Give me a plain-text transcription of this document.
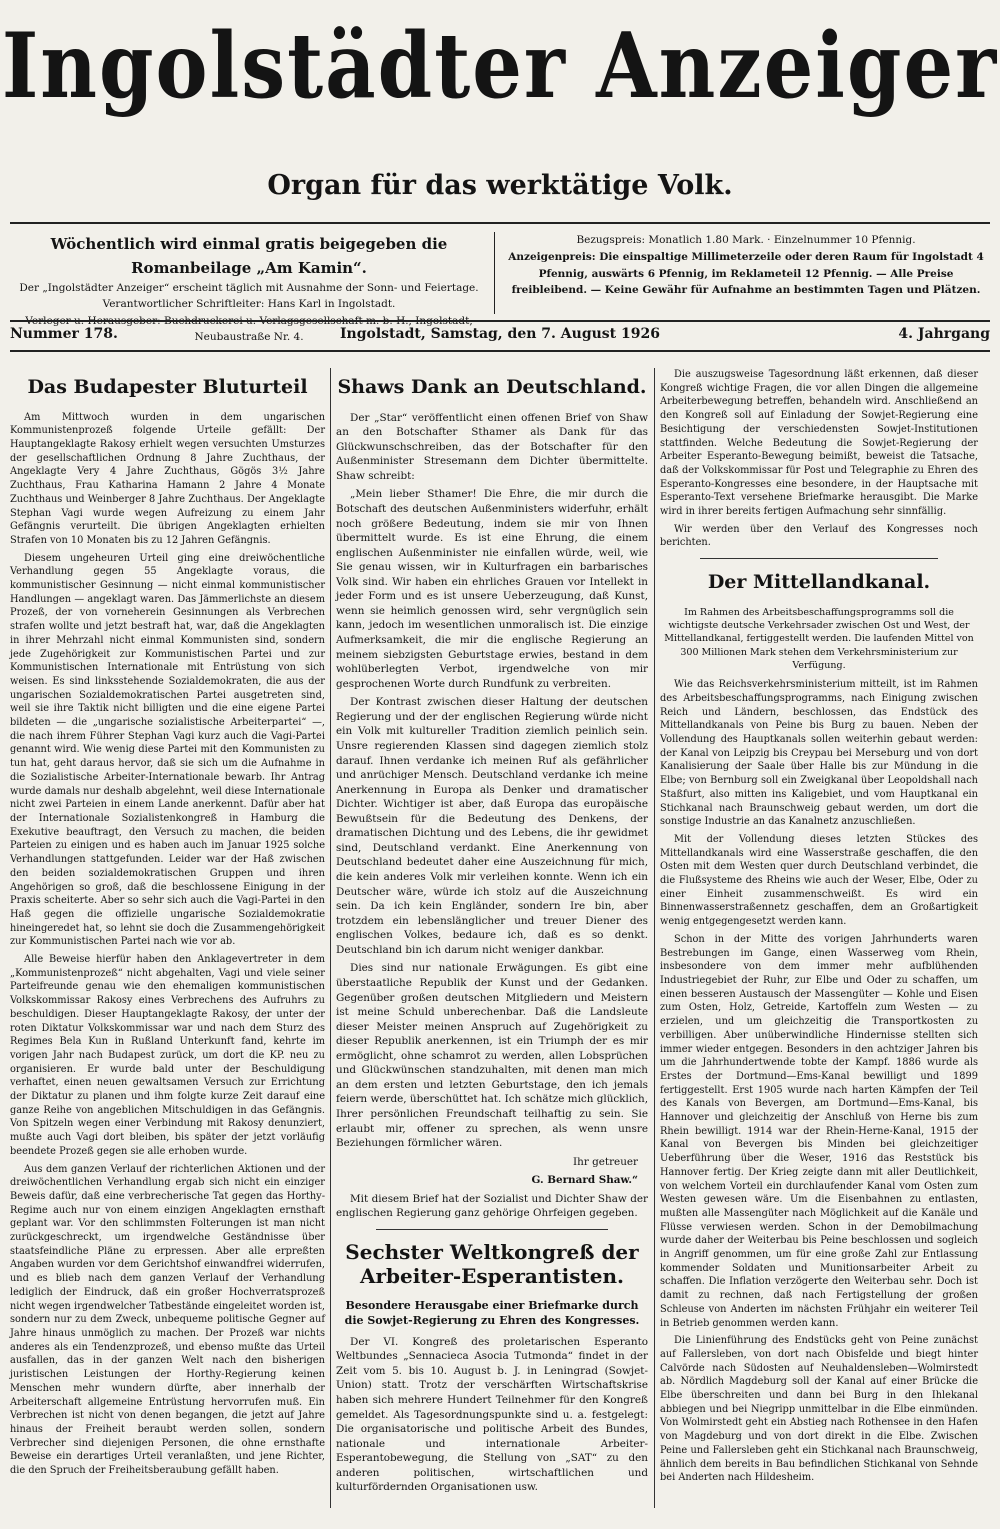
Ingolstädter Anzeiger
Organ für das werktätige Volk.
Wöchentlich wird einmal gratis beigegeben die Romanbeilage „Am Kamin“.
Der „Ingolstädter Anzeiger“ erscheint täglich mit Ausnahme der Sonn- und Feiertage.
Verantwortlicher Schriftleiter: Hans Karl in Ingolstadt.
Verleger u. Herausgeber: Buchdruckerei u. Verlagsgesellschaft m. b. H., Ingolstadt, Neubaustraße Nr. 4.
Bezugspreis: Monatlich 1.80 Mark. · Einzelnummer 10 Pfennig.
Anzeigenpreis: Die einspaltige Millimeterzeile oder deren Raum für Ingolstadt 4 Pfennig, auswärts 6 Pfennig, im Reklameteil 12 Pfennig. — Alle Preise freibleibend. — Keine Gewähr für Aufnahme an bestimmten Tagen und Plätzen.
Nummer 178.	Ingolstadt, Samstag, den 7. August 1926	4. Jahrgang
Das Budapester Bluturteil

Am Mittwoch wurden in dem ungarischen Kommunistenprozeß folgende Urteile gefällt: Der Hauptangeklagte Rakosy erhielt wegen versuchten Umsturzes der gesellschaftlichen Ordnung 8 Jahre Zuchthaus, der Angeklagte Very 4 Jahre Zuchthaus, Gögös 3½ Jahre Zuchthaus, Frau Katharina Hamann 2 Jahre 4 Monate Zuchthaus und Weinberger 8 Jahre Zuchthaus. Der Angeklagte Stephan Vagi wurde wegen Aufreizung zu einem Jahr Gefängnis verurteilt. Die übrigen Angeklagten erhielten Strafen von 10 Monaten bis zu 12 Jahren Gefängnis.

Diesem ungeheuren Urteil ging eine dreiwöchentliche Verhandlung gegen 55 Angeklagte voraus, die kommunistischer Gesinnung — nicht einmal kommunistischer Handlungen — angeklagt waren. Das Jämmerlichste an diesem Prozeß, der von vorneherein Gesinnungen als Verbrechen strafen wollte und jetzt bestraft hat, war, daß die Angeklagten in ihrer Mehrzahl nicht einmal Kommunisten sind, sondern jede Zugehörigkeit zur Kommunistischen Partei und zur Kommunistischen Internationale mit Entrüstung von sich weisen. Es sind linksstehende Sozialdemokraten, die aus der ungarischen Sozialdemokratischen Partei ausgetreten sind, weil sie ihre Taktik nicht billigten und die eine eigene Partei bildeten — die „ungarische sozialistische Arbeiterpartei“ —, die nach ihrem Führer Stephan Vagi kurz auch die Vagi-Partei genannt wird. Wie wenig diese Partei mit den Kommunisten zu tun hat, geht daraus hervor, daß sie sich um die Aufnahme in die Sozialistische Arbeiter-Internationale bewarb. Ihr Antrag wurde damals nur deshalb abgelehnt, weil diese Internationale nicht zwei Parteien in einem Lande anerkennt. Dafür aber hat der Internationale Sozialistenkongreß in Hamburg die Exekutive beauftragt, den Versuch zu machen, die beiden Parteien zu einigen und es haben auch im Januar 1925 solche Verhandlungen stattgefunden. Leider war der Haß zwischen den beiden sozialdemokratischen Gruppen und ihren Angehörigen so groß, daß die beschlossene Einigung in der Praxis scheiterte. Aber so sehr sich auch die Vagi-Partei in den Haß gegen die offizielle ungarische Sozialdemokratie hineingeredet hat, so lehnt sie doch die Zusammengehörigkeit zur Kommunistischen Partei nach wie vor ab.

Alle Beweise hierfür haben den Anklagevertreter in dem „Kommunistenprozeß“ nicht abgehalten, Vagi und viele seiner Parteifreunde genau wie den ehemaligen kommunistischen Volkskommissar Rakosy eines Verbrechens des Aufruhrs zu beschuldigen. Dieser Hauptangeklagte Rakosy, der unter der roten Diktatur Volkskommissar war und nach dem Sturz des Regimes Bela Kun in Rußland Unterkunft fand, kehrte im vorigen Jahr nach Budapest zurück, um dort die KP. neu zu organisieren. Er wurde bald unter der Beschuldigung verhaftet, einen neuen gewaltsamen Versuch zur Errichtung der Diktatur zu planen und ihm folgte kurze Zeit darauf eine ganze Reihe von angeblichen Mitschuldigen in das Gefängnis. Von Spitzeln wegen einer Verbindung mit Rakosy denunziert, mußte auch Vagi dort bleiben, bis später der jetzt vorläufig beendete Prozeß gegen sie alle erhoben wurde.

Aus dem ganzen Verlauf der richterlichen Aktionen und der dreiwöchentlichen Verhandlung ergab sich nicht ein einziger Beweis dafür, daß eine verbrecherische Tat gegen das Horthy-Regime auch nur von einem einzigen Angeklagten ernsthaft geplant war. Vor den schlimmsten Folterungen ist man nicht zurückgeschreckt, um irgendwelche Geständnisse über staatsfeindliche Pläne zu erpressen. Aber alle erpreßten Angaben wurden vor dem Gerichtshof einwandfrei widerrufen, und es blieb nach dem ganzen Verlauf der Verhandlung lediglich der Eindruck, daß ein großer Hochverratsprozeß nicht wegen irgendwelcher Tatbestände eingeleitet worden ist, sondern nur zu dem Zweck, unbequeme politische Gegner auf Jahre hinaus unmöglich zu machen. Der Prozeß war nichts anderes als ein Tendenzprozeß, und ebenso mußte das Urteil ausfallen, das in der ganzen Welt nach den bisherigen juristischen Leistungen der Horthy-Regierung keinen Menschen mehr wundern dürfte, aber innerhalb der Arbeiterschaft allgemeine Entrüstung hervorrufen muß. Ein Verbrechen ist nicht von denen begangen, die jetzt auf Jahre hinaus der Freiheit beraubt werden sollen, sondern Verbrecher sind diejenigen Personen, die ohne ernsthafte Beweise ein derartiges Urteil veranlaßten, und jene Richter, die den Spruch der Freiheitsberaubung gefällt haben.

Shaws Dank an Deutschland.

Der „Star“ veröffentlicht einen offenen Brief von Shaw an den Botschafter Sthamer als Dank für das Glückwunschschreiben, das der Botschafter für den Außenminister Stresemann dem Dichter übermittelte. Shaw schreibt:

„Mein lieber Sthamer! Die Ehre, die mir durch die Botschaft des deutschen Außenministers widerfuhr, erhält noch größere Bedeutung, indem sie mir von Ihnen übermittelt wurde. Es ist eine Ehrung, die einem englischen Außenminister nie einfallen würde, weil, wie Sie genau wissen, wir in Kulturfragen ein barbarisches Volk sind. Wir haben ein ehrliches Grauen vor Intellekt in jeder Form und es ist unsere Ueberzeugung, daß Kunst, wenn sie heimlich genossen wird, sehr vergnüglich sein kann, jedoch im wesentlichen unmoralisch ist. Die einzige Aufmerksamkeit, die mir die englische Regierung an meinem siebzigsten Geburtstage erwies, bestand in dem wohlüberlegten Verbot, irgendwelche von mir gesprochenen Worte durch Rundfunk zu verbreiten.

Der Kontrast zwischen dieser Haltung der deutschen Regierung und der der englischen Regierung würde nicht ein Volk mit kultureller Tradition ziemlich peinlich sein. Unsre regierenden Klassen sind dagegen ziemlich stolz darauf. Ihnen verdanke ich meinen Ruf als gefährlicher und anrüchiger Mensch. Deutschland verdanke ich meine Anerkennung in Europa als Denker und dramatischer Dichter. Wichtiger ist aber, daß Europa das europäische Bewußtsein für die Bedeutung des Denkens, der dramatischen Dichtung und des Lebens, die ihr gewidmet sind, Deutschland verdankt. Eine Anerkennung von Deutschland bedeutet daher eine Auszeichnung für mich, die kein anderes Volk mir verleihen konnte. Wenn ich ein Deutscher wäre, würde ich stolz auf die Auszeichnung sein. Da ich kein Engländer, sondern Ire bin, aber trotzdem ein lebenslänglicher und treuer Diener des englischen Volkes, bedaure ich, daß es so denkt. Deutschland bin ich darum nicht weniger dankbar.

Dies sind nur nationale Erwägungen. Es gibt eine überstaatliche Republik der Kunst und der Gedanken. Gegenüber großen deutschen Mitgliedern und Meistern ist meine Schuld unberechenbar. Daß die Landsleute dieser Meister meinen Anspruch auf Zugehörigkeit zu dieser Republik anerkennen, ist ein Triumph der es mir ermöglicht, ohne schamrot zu werden, allen Lobsprüchen und Glückwünschen standzuhalten, mit denen man mich an dem ersten und letzten Geburtstage, den ich jemals feiern werde, überschüttet hat. Ich schätze mich glücklich, Ihrer persönlichen Freundschaft teilhaftig zu sein. Sie erlaubt mir, offener zu sprechen, als wenn unsre Beziehungen förmlicher wären.

Ihr getreuer

G. Bernard Shaw.“

Mit diesem Brief hat der Sozialist und Dichter Shaw der englischen Regierung ganz gehörige Ohrfeigen gegeben.

Sechster Weltkongreß der Arbeiter-Esperantisten.
Besondere Herausgabe einer Briefmarke durch die Sowjet-Regierung zu Ehren des Kongresses.

Der VI. Kongreß des proletarischen Esperanto Weltbundes „Sennacieca Asocia Tutmonda“ findet in der Zeit vom 5. bis 10. August b. J. in Leningrad (Sowjet-Union) statt. Trotz der verschärften Wirtschaftskrise haben sich mehrere Hundert Teilnehmer für den Kongreß gemeldet. Als Tagesordnungspunkte sind u. a. festgelegt: Die organisatorische und politische Arbeit des Bundes, nationale und internationale Arbeiter-Esperantobewegung, die Stellung von „SAT“ zu den anderen politischen, wirtschaftlichen und kulturfördernden Organisationen usw.

Die auszugsweise Tagesordnung läßt erkennen, daß dieser Kongreß wichtige Fragen, die vor allen Dingen die allgemeine Arbeiterbewegung betreffen, behandeln wird. Anschließend an den Kongreß soll auf Einladung der Sowjet-Regierung eine Besichtigung der verschiedensten Sowjet-Institutionen stattfinden. Welche Bedeutung die Sowjet-Regierung der Arbeiter Esperanto-Bewegung beimißt, beweist die Tatsache, daß der Volkskommissar für Post und Telegraphie zu Ehren des Esperanto-Kongresses eine besondere, in der Hauptsache mit Esperanto-Text versehene Briefmarke herausgibt. Die Marke wird in ihrer bereits fertigen Aufmachung sehr sinnfällig.

Wir werden über den Verlauf des Kongresses noch berichten.

Der Mittellandkanal.
Im Rahmen des Arbeitsbeschaffungsprogramms soll die wichtigste deutsche Verkehrsader zwischen Ost und West, der Mittellandkanal, fertiggestellt werden. Die laufenden Mittel von 300 Millionen Mark stehen dem Verkehrsministerium zur Verfügung.

Wie das Reichsverkehrsministerium mitteilt, ist im Rahmen des Arbeitsbeschaffungsprogramms, nach Einigung zwischen Reich und Ländern, beschlossen, das Endstück des Mittellandkanals von Peine bis Burg zu bauen. Neben der Vollendung des Hauptkanals sollen weiterhin gebaut werden: der Kanal von Leipzig bis Creypau bei Merseburg und von dort Kanalisierung der Saale über Halle bis zur Mündung in die Elbe; von Bernburg soll ein Zweigkanal über Leopoldshall nach Staßfurt, also mitten ins Kaligebiet, und vom Hauptkanal ein Stichkanal nach Braunschweig gebaut werden, um dort die sonstige Industrie an das Kanalnetz anzuschließen.

Mit der Vollendung dieses letzten Stückes des Mittellandkanals wird eine Wasserstraße geschaffen, die den Osten mit dem Westen quer durch Deutschland verbindet, die die Flußsysteme des Rheins wie auch der Weser, Elbe, Oder zu einer Einheit zusammenschweißt. Es wird ein Binnenwasserstraßennetz geschaffen, dem an Großartigkeit wenig entgegengesetzt werden kann.

Schon in der Mitte des vorigen Jahrhunderts waren Bestrebungen im Gange, einen Wasserweg vom Rhein, insbesondere von dem immer mehr aufblühenden Industriegebiet der Ruhr, zur Elbe und Oder zu schaffen, um einen besseren Austausch der Massengüter — Kohle und Eisen zum Osten, Holz, Getreide, Kartoffeln zum Westen — zu erzielen, und um gleichzeitig die Transportkosten zu verbilligen. Aber unüberwindliche Hindernisse stellten sich immer wieder entgegen. Besonders in den achtziger Jahren bis um die Jahrhundertwende tobte der Kampf. 1886 wurde als Erstes der Dortmund—Ems-Kanal bewilligt und 1899 fertiggestellt. Erst 1905 wurde nach harten Kämpfen der Teil des Kanals von Bevergen, am Dortmund—Ems-Kanal, bis Hannover und gleichzeitig der Anschluß von Herne bis zum Rhein bewilligt. 1914 war der Rhein-Herne-Kanal, 1915 der Kanal von Bevergen bis Minden bei gleichzeitiger Ueberführung über die Weser, 1916 das Reststück bis Hannover fertig. Der Krieg zeigte dann mit aller Deutlichkeit, von welchem Vorteil ein durchlaufender Kanal vom Osten zum Westen gewesen wäre. Um die Eisenbahnen zu entlasten, mußten alle Massengüter nach Möglichkeit auf die Kanäle und Flüsse verwiesen werden. Schon in der Demobilmachung wurde daher der Weiterbau bis Peine beschlossen und sogleich in Angriff genommen, um für eine große Zahl zur Entlassung kommender Soldaten und Munitionsarbeiter Arbeit zu schaffen. Die Inflation verzögerte den Weiterbau sehr. Doch ist damit zu rechnen, daß nach Fertigstellung der großen Schleuse von Anderten im nächsten Frühjahr ein weiterer Teil in Betrieb genommen werden kann.

Die Linienführung des Endstücks geht von Peine zunächst auf Fallersleben, von dort nach Obisfelde und biegt hinter Calvörde nach Südosten auf Neuhaldensleben—Wolmirstedt ab. Nördlich Magdeburg soll der Kanal auf einer Brücke die Elbe überschreiten und dann bei Burg in den Ihlekanal abbiegen und bei Niegripp unmittelbar in die Elbe einmünden. Von Wolmirstedt geht ein Abstieg nach Rothensee in den Hafen von Magdeburg und von dort direkt in die Elbe. Zwischen Peine und Fallersleben geht ein Stichkanal nach Braunschweig, ähnlich dem bereits in Bau befindlichen Stichkanal von Sehnde bei Anderten nach Hildesheim.
